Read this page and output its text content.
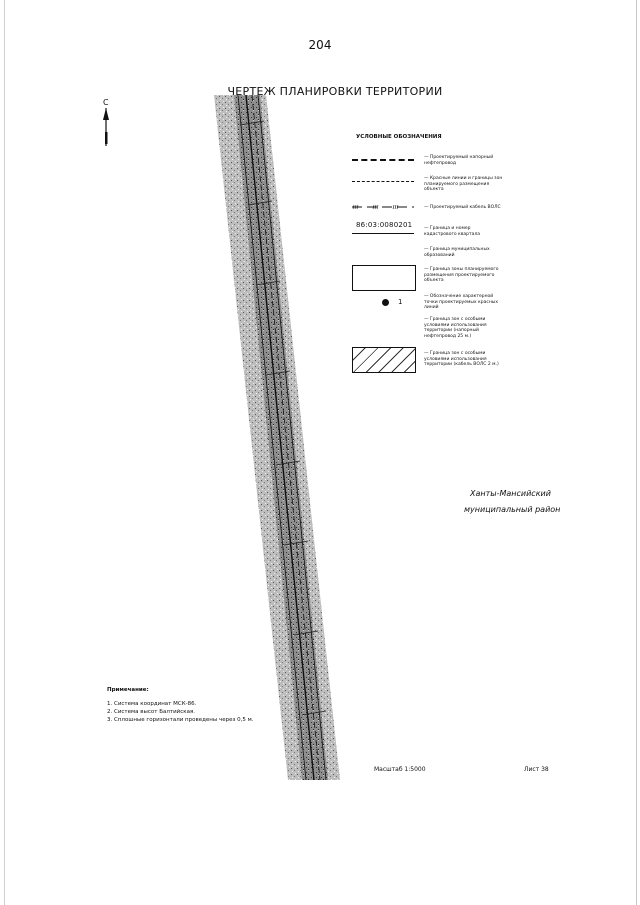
204
ЧЕРТЕЖ ПЛАНИРОВКИ ТЕРРИТОРИИ
С
УСЛОВНЫЕ ОБОЗНАЧЕНИЯ
— Проектируемый напорный
нефтепровод
— Красные линии и границы зон
планируемого размещения
объекта
— Проектируемый кабель ВОЛС
86:03:0080201	— Граница и номер
кадастрового квартала
— Граница муниципальных
образований
— Граница зоны планируемого
размещения проектируемого
объекта
1
— Обозначение характерной
точки проектируемых красных
линий
— Граница зон с особыми
условиями использования
территории (напорный
нефтепровод 25 м.)
— Граница зон с особыми
условиями использования
территории (кабель ВОЛС 2 м.)
Ханты-Мансийский
муниципальный район
Примечание:
1. Система координат МСК-86.
2. Система высот Балтийская.
3. Сплошные горизонтали проведены через 0,5 м.
Масштаб 1:5000	Лист 38
